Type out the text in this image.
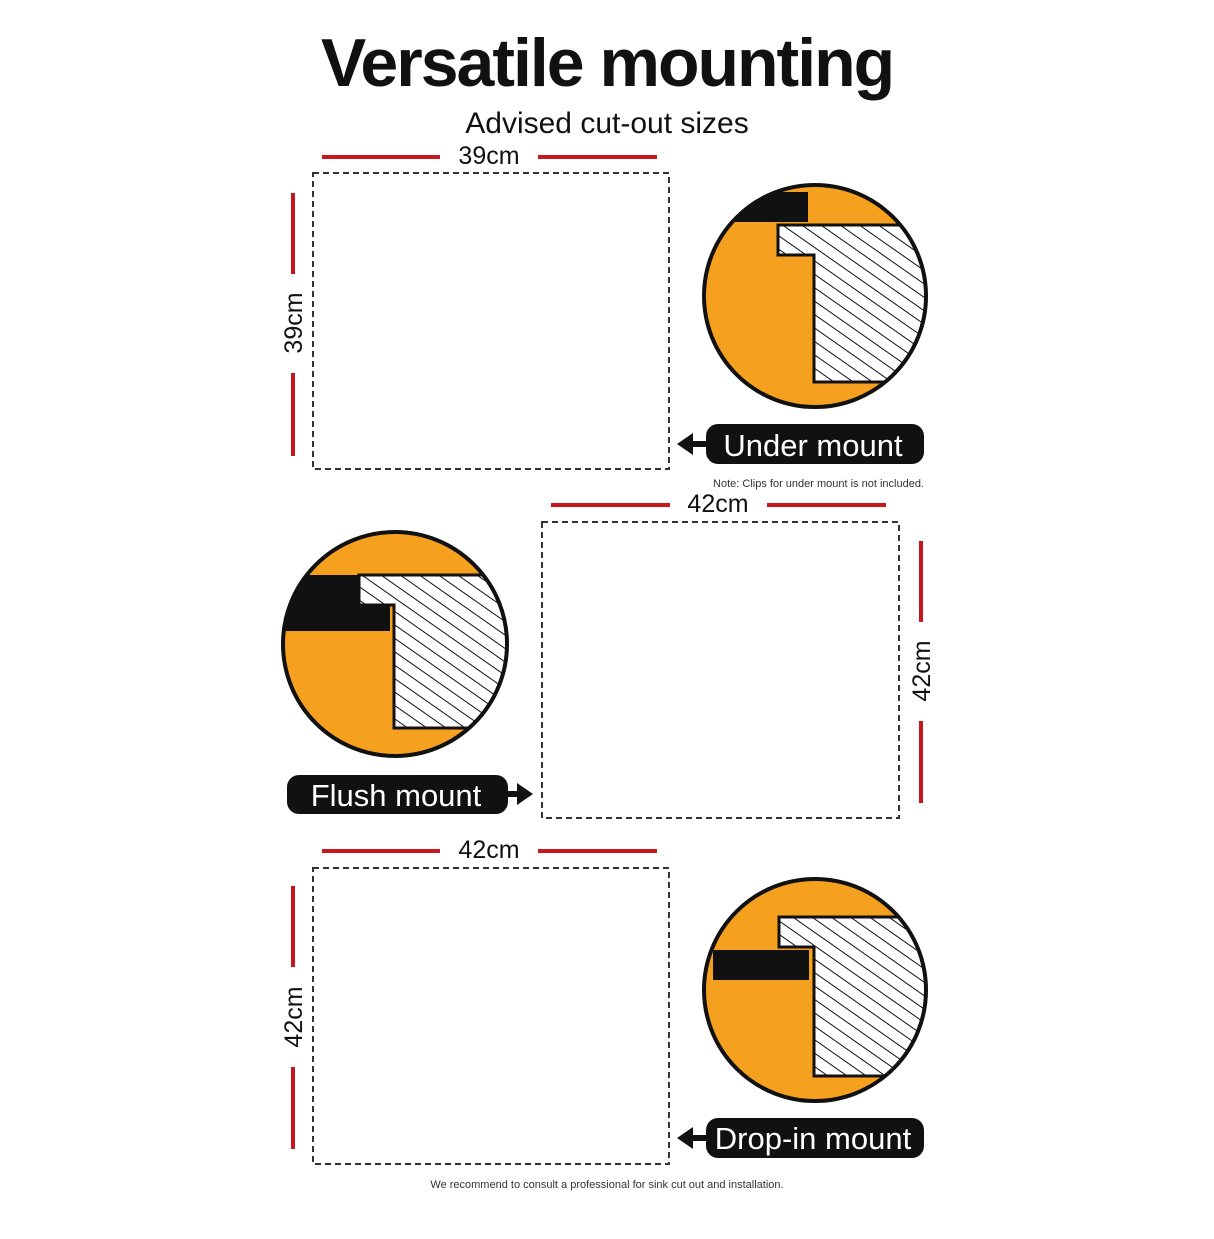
Versatile mounting
Advised cut-out sizes
39cm
39cm
Under mount
Note: Clips for under mount is not included.
42cm
42cm
Flush mount
42cm
42cm
Drop-in mount
We recommend to consult a professional for sink cut out and installation.
